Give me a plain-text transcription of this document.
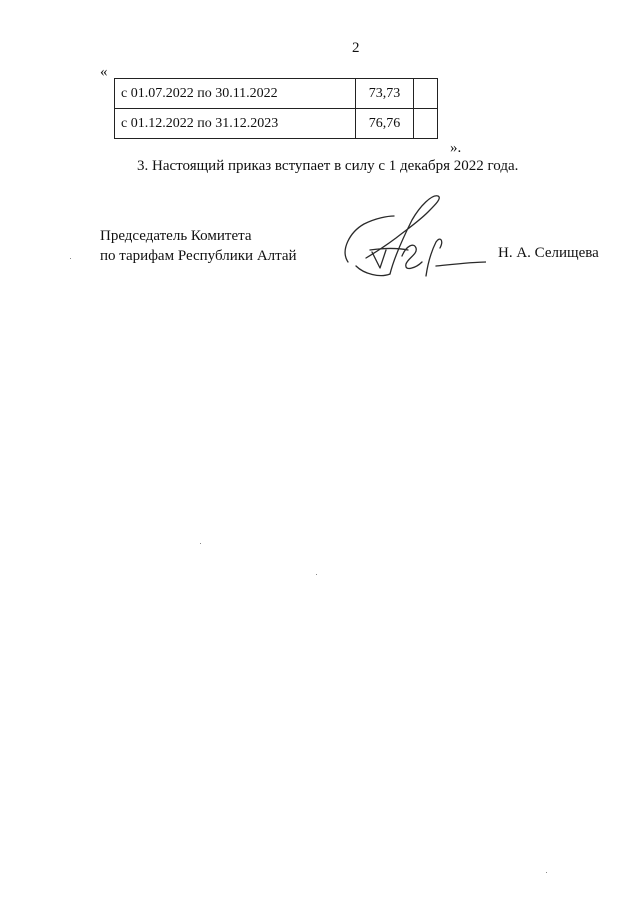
2
«
с 01.07.2022 по 30.11.2022	73,73	
с 01.12.2022 по 31.12.2023	76,76	
».
3. Настоящий приказ вступает в силу с 1 декабря 2022 года.
Председатель Комитета
по тарифам Республики Алтай	Н. А. Селищева
